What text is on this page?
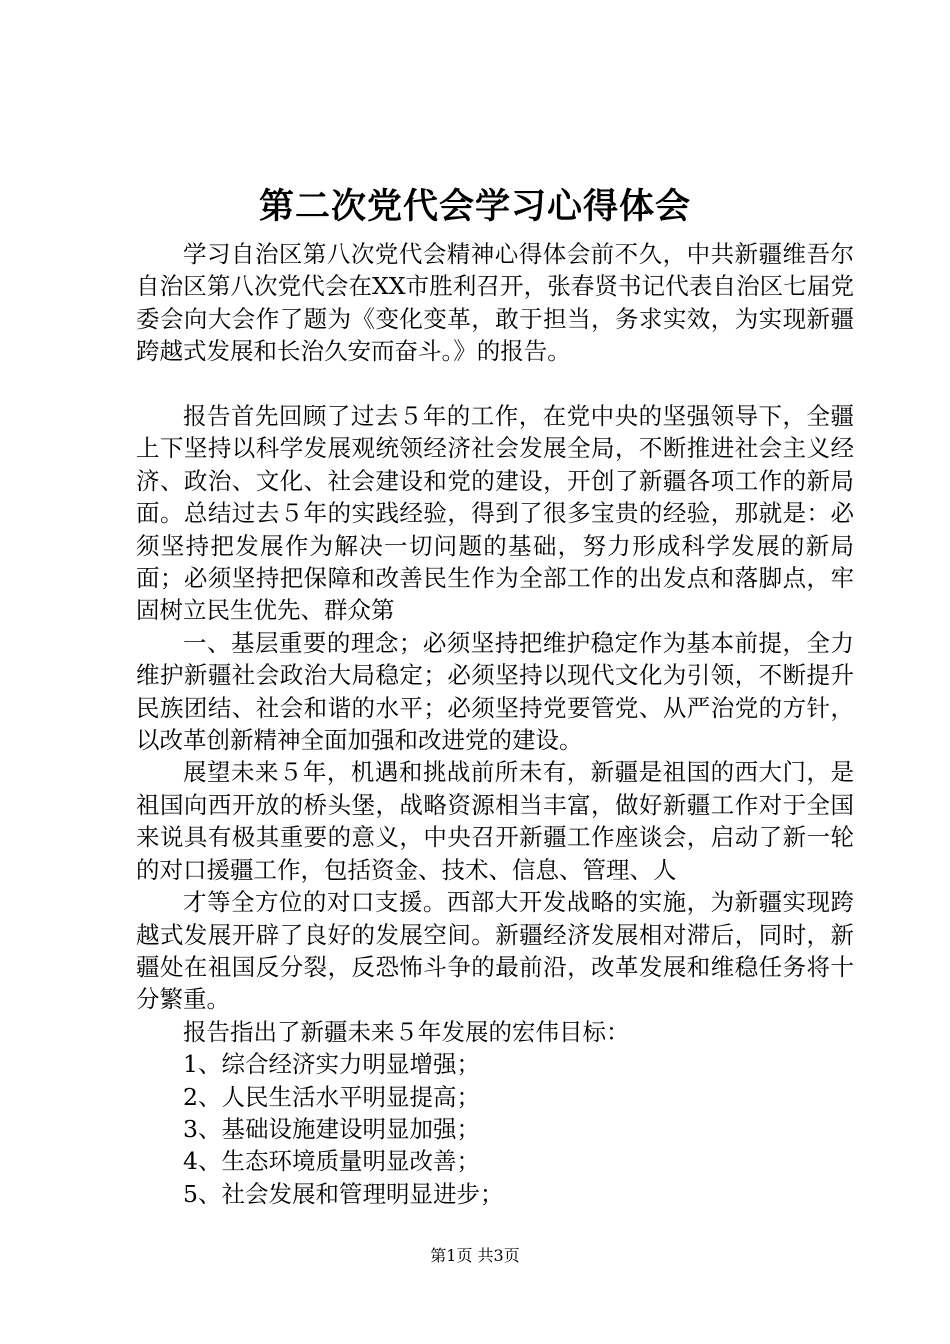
第二次党代会学习心得体会

学习自治区第八次党代会精神心得体会前不久，中共新疆维吾尔自治区第八次党代会在XX市胜利召开，张春贤书记代表自治区七届党委会向大会作了题为《变化变革，敢于担当，务求实效，为实现新疆跨越式发展和长治久安而奋斗。》的报告。

报告首先回顾了过去５年的工作，在党中央的坚强领导下，全疆上下坚持以科学发展观统领经济社会发展全局，不断推进社会主义经济、政治、文化、社会建设和党的建设，开创了新疆各项工作的新局面。总结过去５年的实践经验，得到了很多宝贵的经验，那就是：必须坚持把发展作为解决一切问题的基础，努力形成科学发展的新局面；必须坚持把保障和改善民生作为全部工作的出发点和落脚点，牢固树立民生优先、群众第

一、基层重要的理念；必须坚持把维护稳定作为基本前提，全力维护新疆社会政治大局稳定；必须坚持以现代文化为引领，不断提升民族团结、社会和谐的水平；必须坚持党要管党、从严治党的方针，以改革创新精神全面加强和改进党的建设。

展望未来５年，机遇和挑战前所未有，新疆是祖国的西大门，是祖国向西开放的桥头堡，战略资源相当丰富，做好新疆工作对于全国来说具有极其重要的意义，中央召开新疆工作座谈会，启动了新一轮的对口援疆工作，包括资金、技术、信息、管理、人

才等全方位的对口支援。西部大开发战略的实施，为新疆实现跨越式发展开辟了良好的发展空间。新疆经济发展相对滞后，同时，新疆处在祖国反分裂，反恐怖斗争的最前沿，改革发展和维稳任务将十分繁重。

报告指出了新疆未来５年发展的宏伟目标：

1、综合经济实力明显增强；

2、人民生活水平明显提高；

3、基础设施建设明显加强；

4、生态环境质量明显改善；

5、社会发展和管理明显进步；

第1页 共3页
